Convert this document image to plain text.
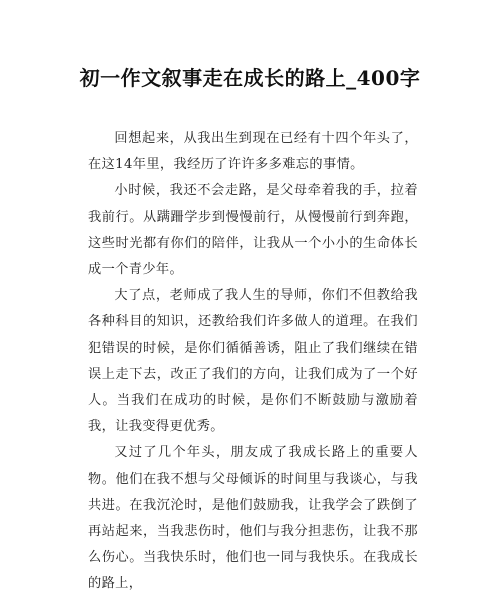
初一作文叙事走在成长的路上_400字

回想起来，从我出生到现在已经有十四个年头了，在这14年里，我经历了许许多多难忘的事情。

小时候，我还不会走路，是父母牵着我的手，拉着我前行。从蹒跚学步到慢慢前行，从慢慢前行到奔跑，这些时光都有你们的陪伴，让我从一个小小的生命体长成一个青少年。

大了点，老师成了我人生的导师，你们不但教给我各种科目的知识，还教给我们许多做人的道理。在我们犯错误的时候，是你们循循善诱，阻止了我们继续在错误上走下去，改正了我们的方向，让我们成为了一个好人。当我们在成功的时候，是你们不断鼓励与激励着我，让我变得更优秀。

又过了几个年头，朋友成了我成长路上的重要人物。他们在我不想与父母倾诉的时间里与我谈心，与我共进。在我沉沦时，是他们鼓励我，让我学会了跌倒了再站起来，当我悲伤时，他们与我分担悲伤，让我不那么伤心。当我快乐时，他们也一同与我快乐。在我成长的路上，
